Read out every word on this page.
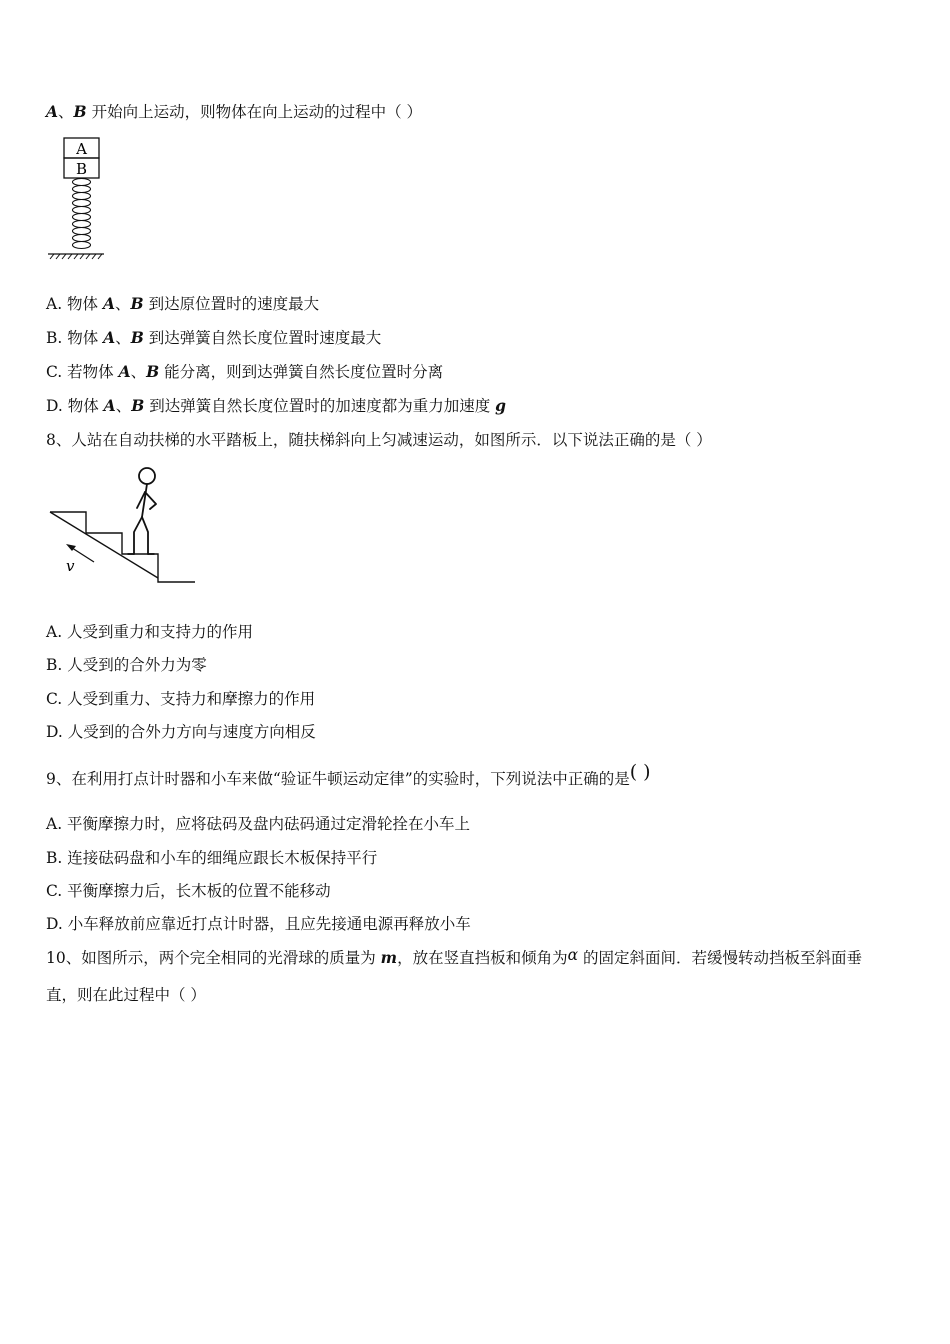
A、B 开始向上运动，则物体在向上运动的过程中（ ）
A
B
A. 物体 A、B 到达原位置时的速度最大
B. 物体 A、B 到达弹簧自然长度位置时速度最大
C. 若物体 A、B 能分离，则到达弹簧自然长度位置时分离
D. 物体 A、B 到达弹簧自然长度位置时的加速度都为重力加速度 g
8、人站在自动扶梯的水平踏板上，随扶梯斜向上匀减速运动，如图所示．以下说法正确的是（ ）
v
A. 人受到重力和支持力的作用
B. 人受到的合外力为零
C. 人受到重力、支持力和摩擦力的作用
D. 人受到的合外力方向与速度方向相反
9、在利用打点计时器和小车来做“验证牛顿运动定律”的实验时，下列说法中正确的是( )
A. 平衡摩擦力时，应将砝码及盘内砝码通过定滑轮拴在小车上
B. 连接砝码盘和小车的细绳应跟长木板保持平行
C. 平衡摩擦力后，长木板的位置不能移动
D. 小车释放前应靠近打点计时器，且应先接通电源再释放小车
10、如图所示，两个完全相同的光滑球的质量为 m，放在竖直挡板和倾角为α 的固定斜面间．若缓慢转动挡板至斜面垂
直，则在此过程中（ ）
